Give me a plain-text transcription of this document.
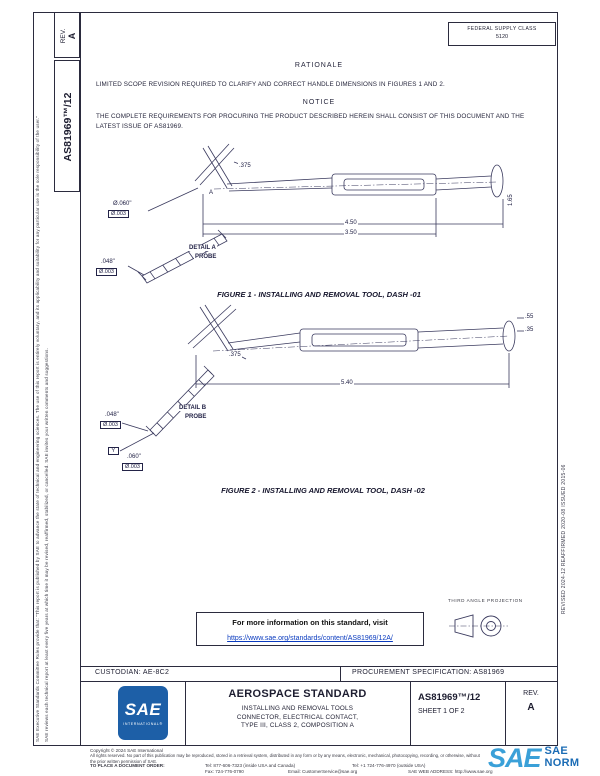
SAE Executive Standards Committee Rules provide that: "This report is published by SAE to advance the state of technical and engineering sciences. The use of this report is entirely voluntary, and its applicability and suitability for any particular use is the sole responsibility of the user." SAE reviews each technical report at least every five years at which time it may be revised, reaffirmed, stabilized, or cancelled. SAE invites your written comments and suggestions.
REV. A
AS81969™/12
FEDERAL SUPPLY CLASS
5120
RATIONALE
LIMITED SCOPE REVISION REQUIRED TO CLARIFY AND CORRECT HANDLE DIMENSIONS IN FIGURES 1 AND 2.
NOTICE
THE COMPLETE REQUIREMENTS FOR PROCURING THE PRODUCT DESCRIBED HEREIN SHALL CONSIST OF THIS DOCUMENT AND THE LATEST ISSUE OF AS81969.
A
.375
4.50
3.50
1.65
Ø.060"
Ø.003
DETAIL A
PROBE
.048"
Ø.003
FIGURE 1 - INSTALLING AND REMOVAL TOOL, DASH -01
.375
5.40
.55
.35
DETAIL B
PROBE
.048"
Ø.003
Y
.060"
Ø.003
FIGURE 2 - INSTALLING AND REMOVAL TOOL, DASH -02	REVISED 2024-12 REAFFIRMED 2020-08 ISSUED 2015-06
THIRD ANGLE PROJECTION
For more information on this standard, visit
https://www.sae.org/standards/content/AS81969/12A/
CUSTODIAN: AE-8C2	PROCUREMENT SPECIFICATION: AS81969
SAE
INTERNATIONAL®
AEROSPACE STANDARD
INSTALLING AND REMOVAL TOOLS
CONNECTOR, ELECTRICAL CONTACT,
TYPE III, CLASS 2, COMPOSITION A
AS81969™/12
SHEET 1 OF 2
REV.
A
Copyright © 2024 SAE International
All rights reserved. No part of this publication may be reproduced, stored in a retrieval system, distributed in any form or by any means, electronic, mechanical, photocopying, recording, or otherwise, without the prior written permission of SAE.
TO PLACE A DOCUMENT ORDER:	Tel: 877-606-7323 (inside USA and Canada)	Tel: +1 724-776-4970 (outside USA)
Fax: 724-776-0790	Email: CustomerService@sae.org	SAE WEB ADDRESS: http://www.sae.org
SAE SAE NORM
